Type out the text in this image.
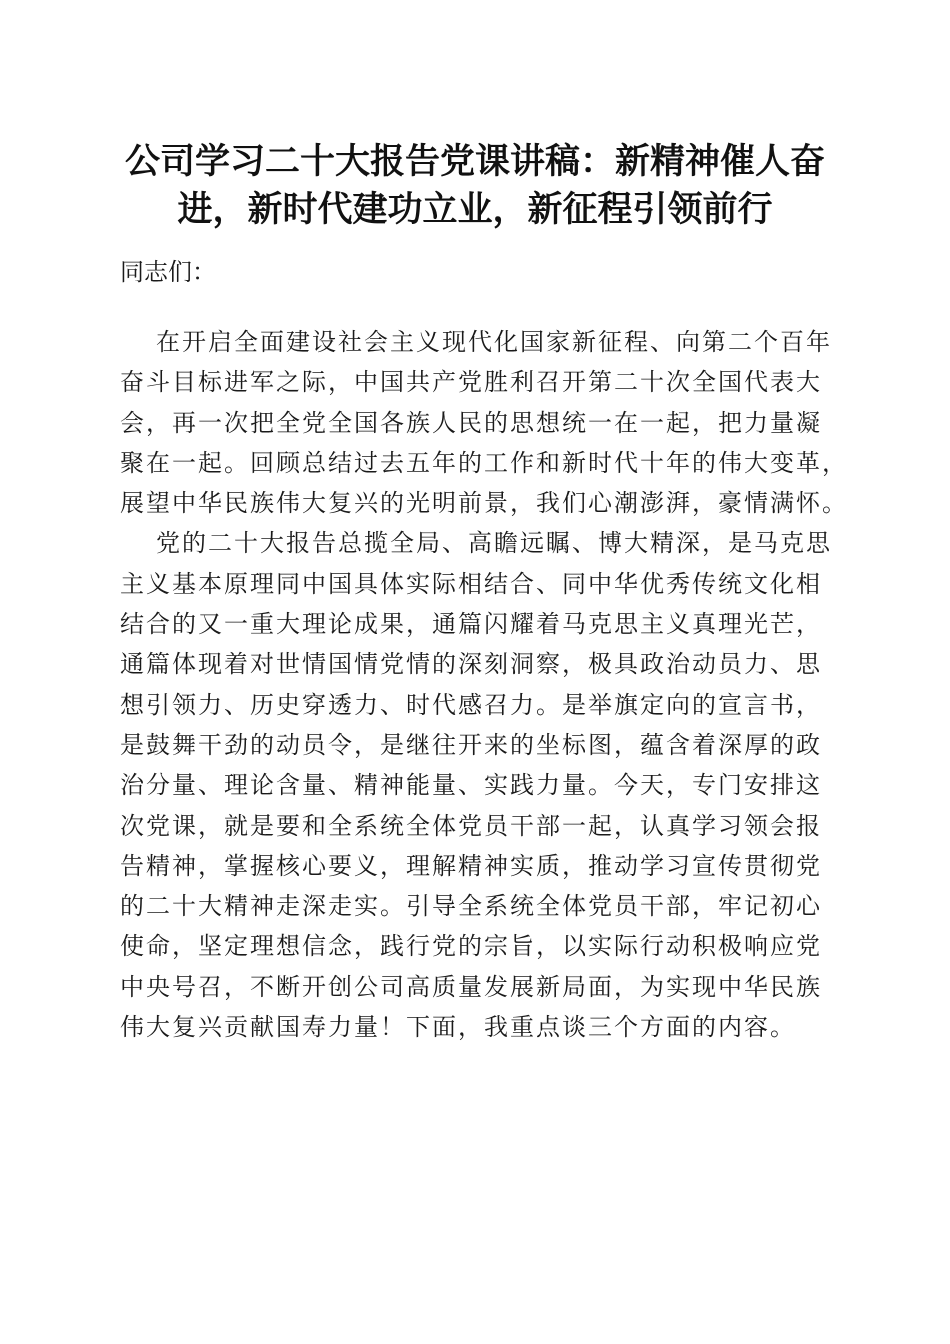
公司学习二十大报告党课讲稿：新精神催人奋
进，新时代建功立业，新征程引领前行
同志们：
在开启全面建设社会主义现代化国家新征程、向第二个百年
奋斗目标进军之际，中国共产党胜利召开第二十次全国代表大
会，再一次把全党全国各族人民的思想统一在一起，把力量凝
聚在一起。回顾总结过去五年的工作和新时代十年的伟大变革，
展望中华民族伟大复兴的光明前景，我们心潮澎湃，豪情满怀。
党的二十大报告总揽全局、高瞻远瞩、博大精深，是马克思
主义基本原理同中国具体实际相结合、同中华优秀传统文化相
结合的又一重大理论成果，通篇闪耀着马克思主义真理光芒，
通篇体现着对世情国情党情的深刻洞察，极具政治动员力、思
想引领力、历史穿透力、时代感召力。是举旗定向的宣言书，
是鼓舞干劲的动员令，是继往开来的坐标图，蕴含着深厚的政
治分量、理论含量、精神能量、实践力量。今天，专门安排这
次党课，就是要和全系统全体党员干部一起，认真学习领会报
告精神，掌握核心要义，理解精神实质，推动学习宣传贯彻党
的二十大精神走深走实。引导全系统全体党员干部，牢记初心
使命，坚定理想信念，践行党的宗旨，以实际行动积极响应党
中央号召，不断开创公司高质量发展新局面，为实现中华民族
伟大复兴贡献国寿力量！下面，我重点谈三个方面的内容。
